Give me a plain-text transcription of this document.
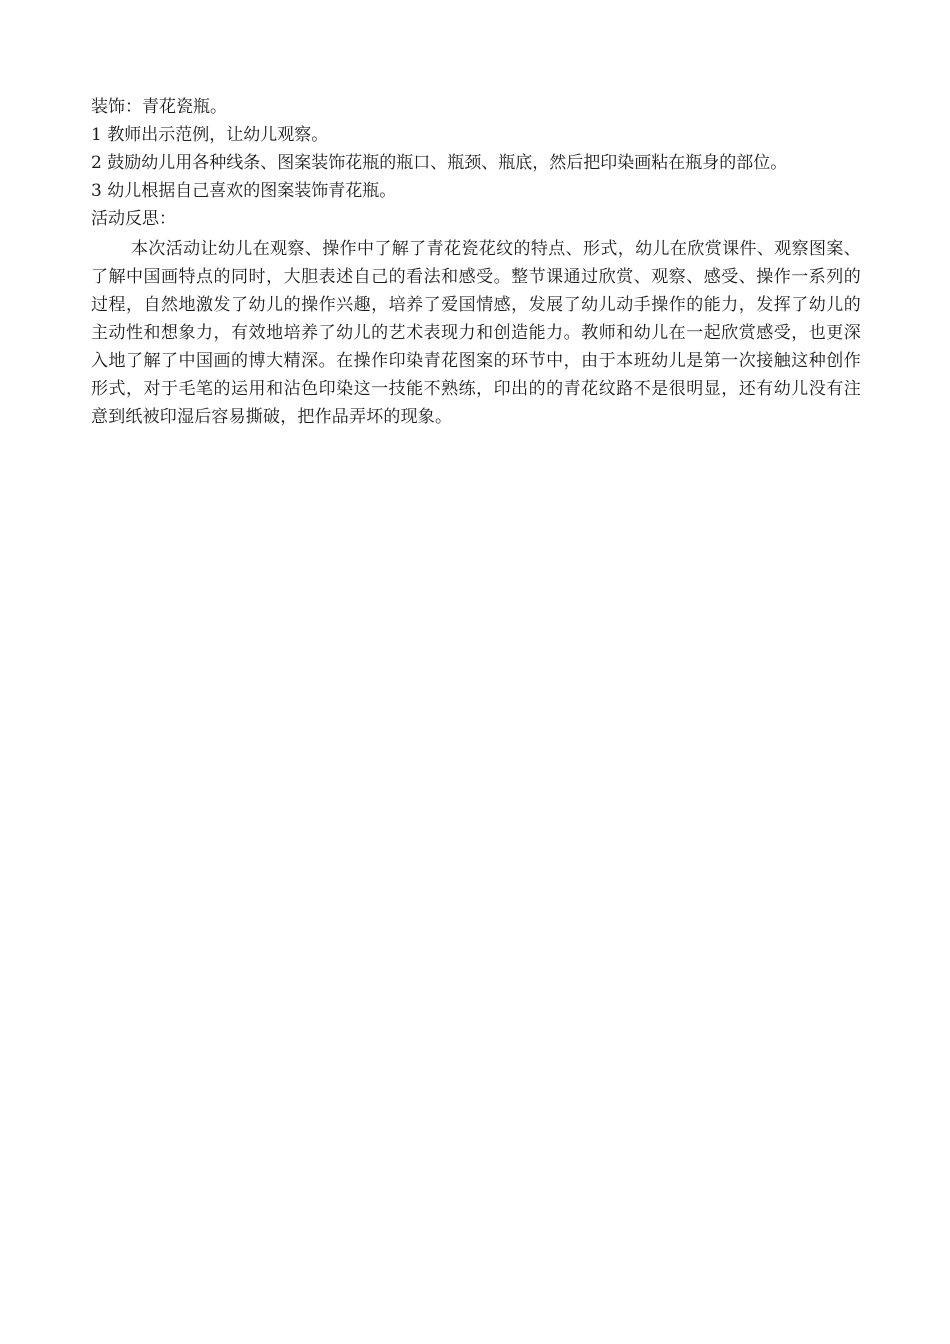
装饰：青花瓷瓶。

1 教师出示范例，让幼儿观察。

2 鼓励幼儿用各种线条、图案装饰花瓶的瓶口、瓶颈、瓶底，然后把印染画粘在瓶身的部位。

3 幼儿根据自己喜欢的图案装饰青花瓶。

活动反思：

本次活动让幼儿在观察、操作中了解了青花瓷花纹的特点、形式，幼儿在欣赏课件、观察图案、了解中国画特点的同时，大胆表述自己的看法和感受。整节课通过欣赏、观察、感受、操作一系列的过程，自然地激发了幼儿的操作兴趣，培养了爱国情感，发展了幼儿动手操作的能力，发挥了幼儿的主动性和想象力，有效地培养了幼儿的艺术表现力和创造能力。教师和幼儿在一起欣赏感受，也更深入地了解了中国画的博大精深。在操作印染青花图案的环节中，由于本班幼儿是第一次接触这种创作形式，对于毛笔的运用和沾色印染这一技能不熟练，印出的的青花纹路不是很明显，还有幼儿没有注意到纸被印湿后容易撕破，把作品弄坏的现象。
